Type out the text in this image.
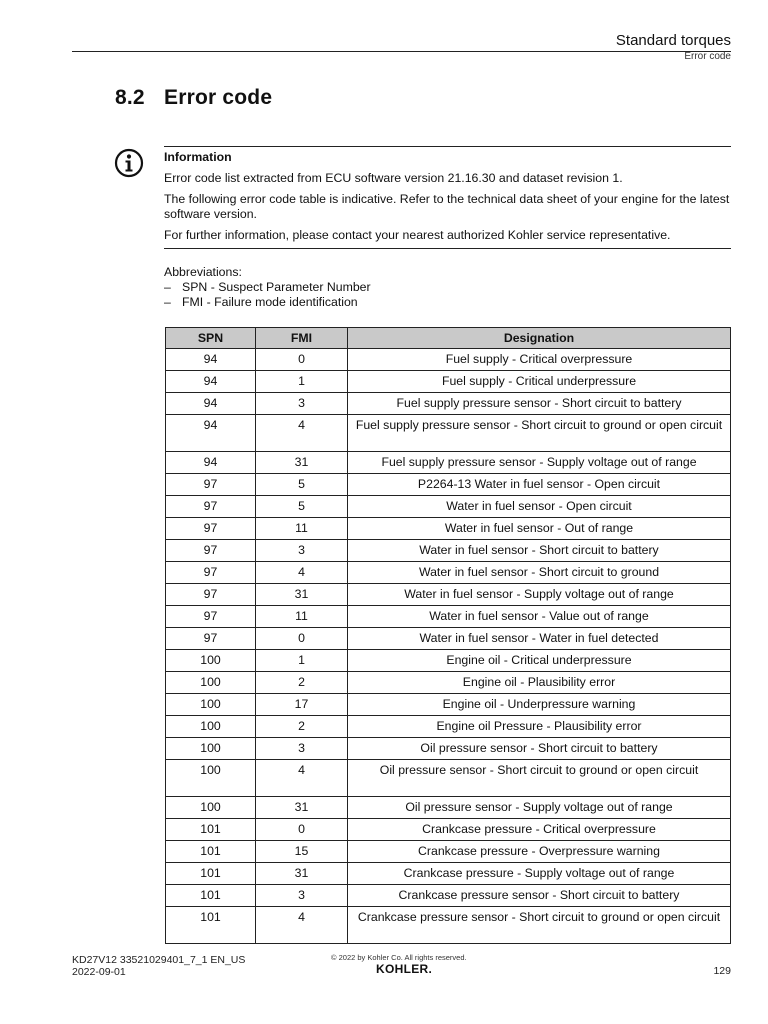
Standard torques
Error code
8.2 Error code
Information

Error code list extracted from ECU software version 21.16.30 and dataset revision 1.

The following error code table is indicative. Refer to the technical data sheet of your engine for the latest software version.

For further information, please contact your nearest authorized Kohler service representative.

Abbreviations:
– SPN - Suspect Parameter Number
– FMI - Failure mode identification
SPN	FMI	Designation
94	0	Fuel supply - Critical overpressure
94	1	Fuel supply - Critical underpressure
94	3	Fuel supply pressure sensor - Short circuit to battery
94	4	Fuel supply pressure sensor - Short circuit to ground or open circuit
94	31	Fuel supply pressure sensor - Supply voltage out of range
97	5	P2264-13 Water in fuel sensor - Open circuit
97	5	Water in fuel sensor - Open circuit
97	11	Water in fuel sensor - Out of range
97	3	Water in fuel sensor - Short circuit to battery
97	4	Water in fuel sensor - Short circuit to ground
97	31	Water in fuel sensor - Supply voltage out of range
97	11	Water in fuel sensor - Value out of range
97	0	Water in fuel sensor - Water in fuel detected
100	1	Engine oil - Critical underpressure
100	2	Engine oil - Plausibility error
100	17	Engine oil - Underpressure warning
100	2	Engine oil Pressure - Plausibility error
100	3	Oil pressure sensor - Short circuit to battery
100	4	Oil pressure sensor - Short circuit to ground or open circuit
100	31	Oil pressure sensor - Supply voltage out of range
101	0	Crankcase pressure - Critical overpressure
101	15	Crankcase pressure - Overpressure warning
101	31	Crankcase pressure - Supply voltage out of range
101	3	Crankcase pressure sensor - Short circuit to battery
101	4	Crankcase pressure sensor - Short circuit to ground or open circuit
KD27V12 33521029401_7_1 EN_US
2022-09-01
© 2022 by Kohler Co. All rights reserved.
KOHLER.	129
